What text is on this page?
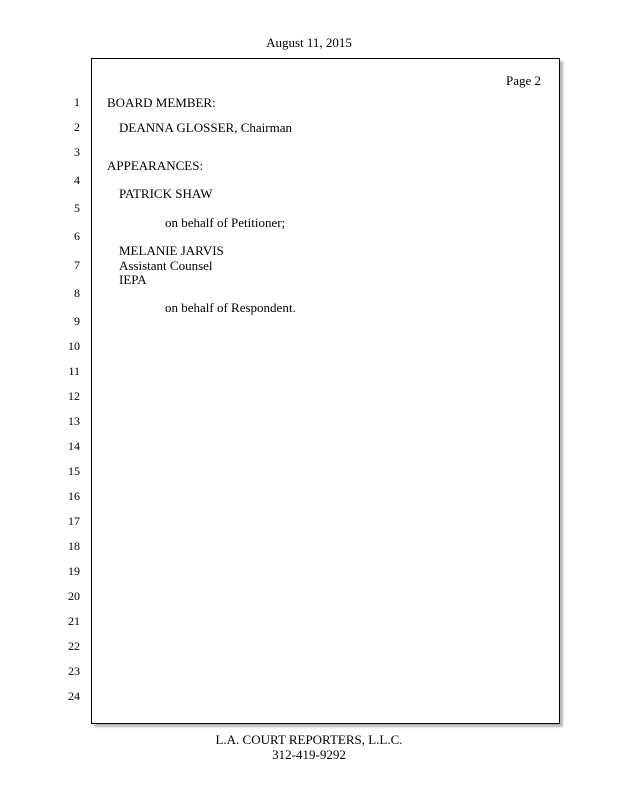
August 11, 2015
1
2
3
4
5
6
7
8
9
10
11
12
13
14
15
16
17
18
19
20
21
22
23
24
Page 2
BOARD MEMBER:
DEANNA GLOSSER, Chairman
APPEARANCES:
PATRICK SHAW
on behalf of Petitioner;
MELANIE JARVIS
Assistant Counsel
IEPA
on behalf of Respondent.
L.A. COURT REPORTERS, L.L.C.
312-419-9292
